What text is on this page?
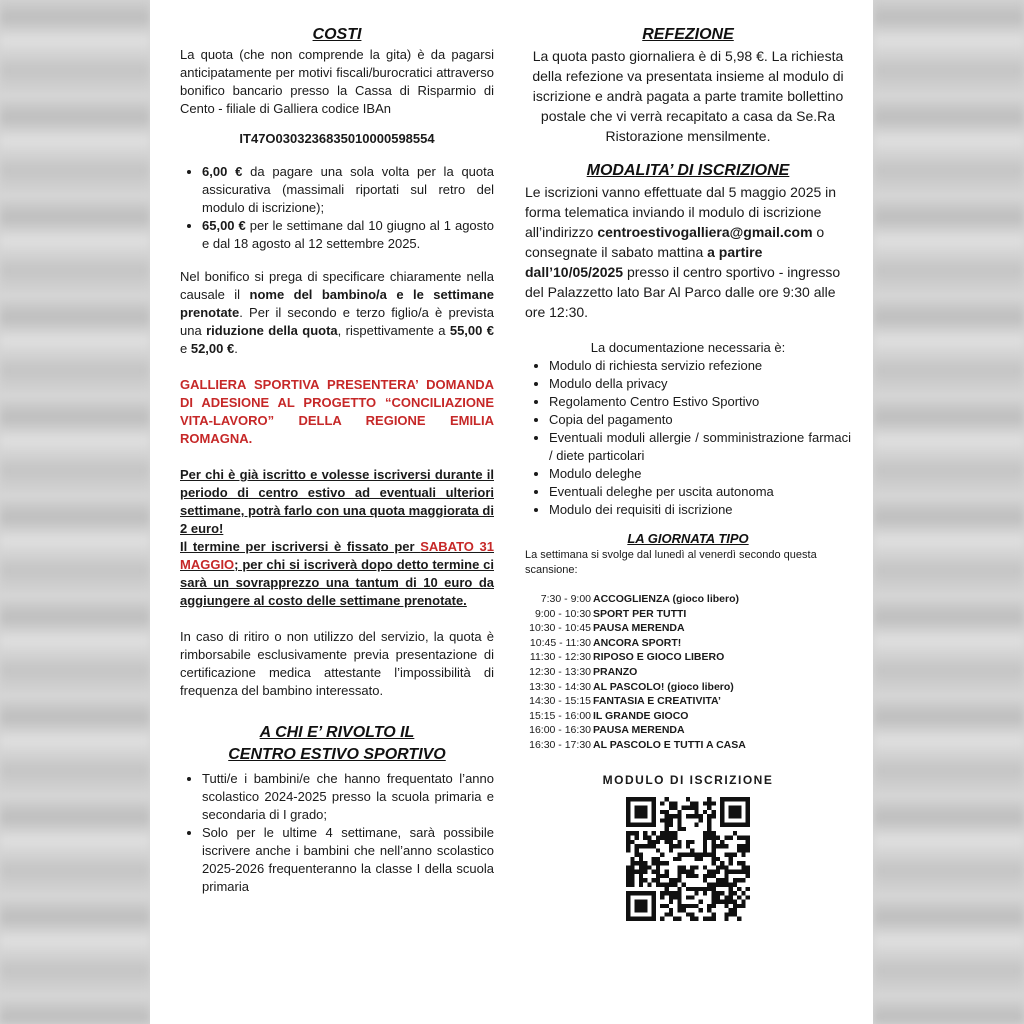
COSTI

La quota (che non comprende la gita) è da pagarsi anticipatamente per motivi fiscali/burocratici attraverso bonifico bancario presso la Cassa di Risparmio di Cento - filiale di Galliera codice IBAn

IT47O0303236835010000598554

• 6,00 € da pagare una sola volta per la quota assicurativa (massimali riportati sul retro del modulo di iscrizione);
• 65,00 € per le settimane dal 10 giugno al 1 agosto e dal 18 agosto al 12 settembre 2025.

Nel bonifico si prega di specificare chiaramente nella causale il nome del bambino/a e le settimane prenotate. Per il secondo e terzo figlio/a è prevista una riduzione della quota, rispettivamente a 55,00 € e 52,00 €.

GALLIERA SPORTIVA PRESENTERA’ DOMANDA DI ADESIONE AL PROGETTO “CONCILIAZIONE VITA-LAVORO” DELLA REGIONE EMILIA ROMAGNA.

Per chi è già iscritto e volesse iscriversi durante il periodo di centro estivo ad eventuali ulteriori settimane, potrà farlo con una quota maggiorata di 2 euro!

Il termine per iscriversi è fissato per SABATO 31 MAGGIO; per chi si iscriverà dopo detto termine ci sarà un sovrapprezzo una tantum di 10 euro da aggiungere al costo delle settimane prenotate.

In caso di ritiro o non utilizzo del servizio, la quota è rimborsabile esclusivamente previa presentazione di certificazione medica attestante l’impossibilità di frequenza del bambino interessato.

A CHI E’ RIVOLTO IL
CENTRO ESTIVO SPORTIVO
• Tutti/e i bambini/e che hanno frequentato l’anno scolastico 2024-2025 presso la scuola primaria e secondaria di I grado;
• Solo per le ultime 4 settimane, sarà possibile iscrivere anche i bambini che nell’anno scolastico 2025-2026 frequenteranno la classe I della scuola primaria
REFEZIONE

La quota pasto giornaliera è di 5,98 €. La richiesta della refezione va presentata insieme al modulo di iscrizione e andrà pagata a parte tramite bollettino postale che vi verrà recapitato a casa da Se.Ra Ristorazione mensilmente.

MODALITA’ DI ISCRIZIONE

Le iscrizioni vanno effettuate dal 5 maggio 2025 in forma telematica inviando il modulo di iscrizione all’indirizzo centroestivogalliera@gmail.com o consegnate il sabato mattina a partire dall’10/05/2025 presso il centro sportivo - ingresso del Palazzetto lato Bar Al Parco dalle ore 9:30 alle ore 12:30.

La documentazione necessaria è:

• Modulo di richiesta servizio refezione
• Modulo della privacy
• Regolamento Centro Estivo Sportivo
• Copia del pagamento
• Eventuali moduli allergie / somministrazione farmaci / diete particolari
• Modulo deleghe
• Eventuali deleghe per uscita autonoma
• Modulo dei requisiti di iscrizione
LA GIORNATA TIPO

La settimana si svolge dal lunedì al venerdì secondo questa scansione:

7:30 - 9:00 ACCOGLIENZA (gioco libero)
9:00 - 10:30 SPORT PER TUTTI
10:30 - 10:45 PAUSA MERENDA
10:45 - 11:30 ANCORA SPORT!
11:30 - 12:30 RIPOSO E GIOCO LIBERO
12:30 - 13:30 PRANZO
13:30 - 14:30 AL PASCOLO! (gioco libero)
14:30 - 15:15 FANTASIA E CREATIVITA’
15:15 - 16:00 IL GRANDE GIOCO
16:00 - 16:30 PAUSA MERENDA
16:30 - 17:30 AL PASCOLO E TUTTI A CASA

MODULO DI ISCRIZIONE
